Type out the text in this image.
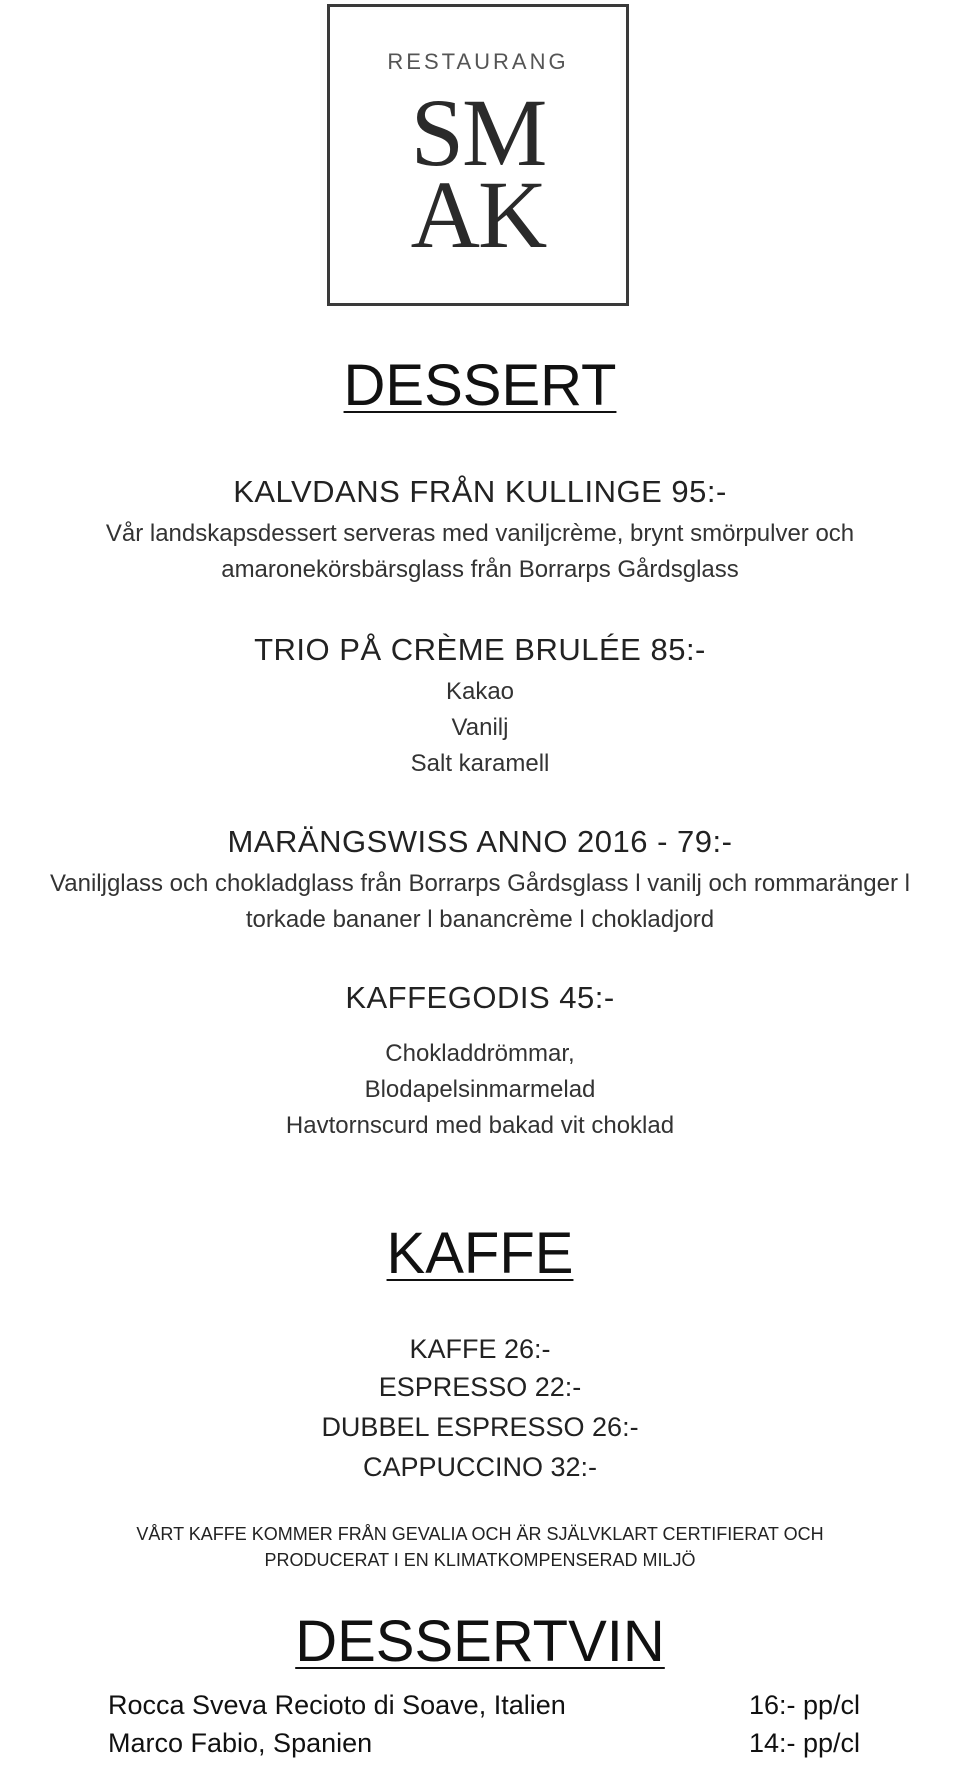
RESTAURANG
SM
AK
DESSERT
KALVDANS FRÅN KULLINGE 95:-
Vår landskapsdessert serveras med vaniljcrème, brynt smörpulver och
amaronekörsbärsglass från Borrarps Gårdsglass
TRIO PÅ CRÈME BRULÉE 85:-
Kakao
Vanilj
Salt karamell
MARÄNGSWISS ANNO 2016 - 79:-
Vaniljglass och chokladglass från Borrarps Gårdsglass l vanilj och rommaränger l
torkade bananer l banancrème l chokladjord
KAFFEGODIS 45:-
Chokladdrömmar,
Blodapelsinmarmelad
Havtornscurd med bakad vit choklad
KAFFE
KAFFE 26:-
ESPRESSO 22:-
DUBBEL ESPRESSO 26:-
CAPPUCCINO 32:-
VÅRT KAFFE KOMMER FRÅN GEVALIA OCH ÄR SJÄLVKLART CERTIFIERAT OCH
PRODUCERAT I EN KLIMATKOMPENSERAD MILJÖ
DESSERTVIN
Rocca Sveva Recioto di Soave, Italien	16:- pp/cl
Marco Fabio, Spanien	14:- pp/cl
